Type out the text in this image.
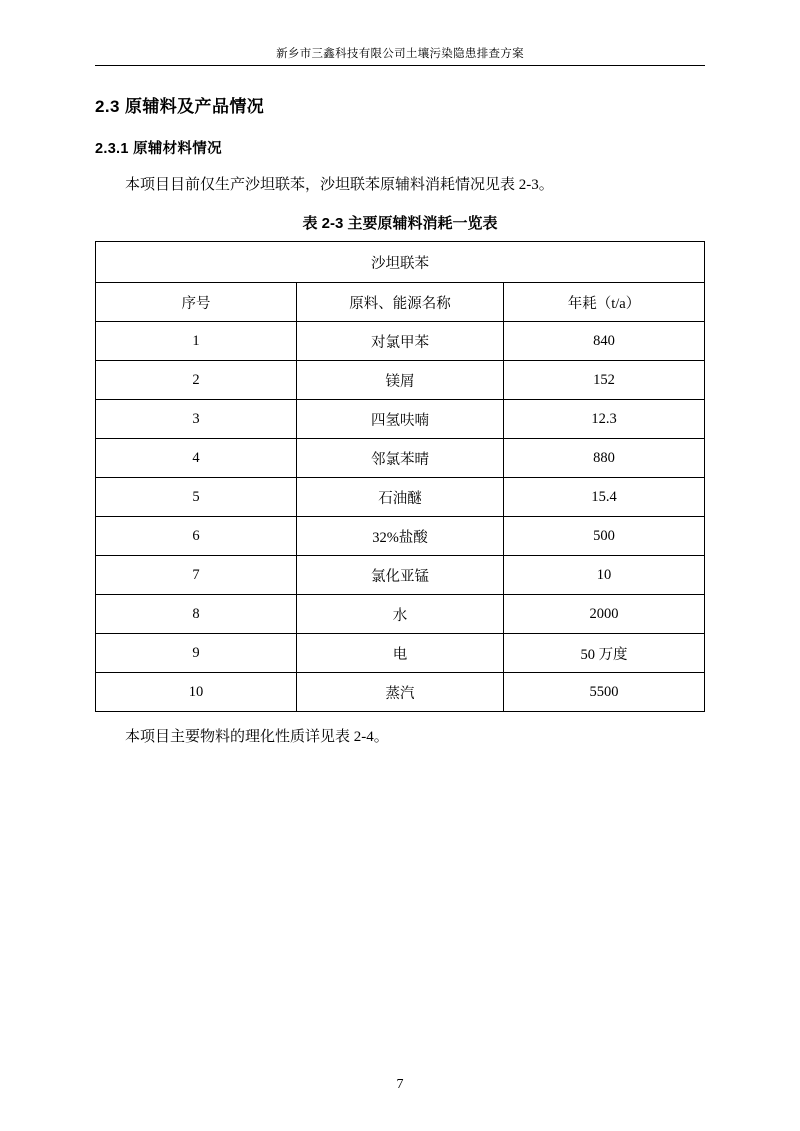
新乡市三鑫科技有限公司土壤污染隐患排查方案
2.3 原辅料及产品情况
2.3.1 原辅材料情况

本项目目前仅生产沙坦联苯，沙坦联苯原辅料消耗情况见表 2-3。

表 2-3 主要原辅料消耗一览表
沙坦联苯		
序号	原料、能源名称	年耗（t/a）
1	对氯甲苯	840
2	镁屑	152
3	四氢呋喃	12.3
4	邻氯苯晴	880
5	石油醚	15.4
6	32%盐酸	500
7	氯化亚锰	10
8	水	2000
9	电	50 万度
10	蒸汽	5500

本项目主要物料的理化性质详见表 2-4。

7
